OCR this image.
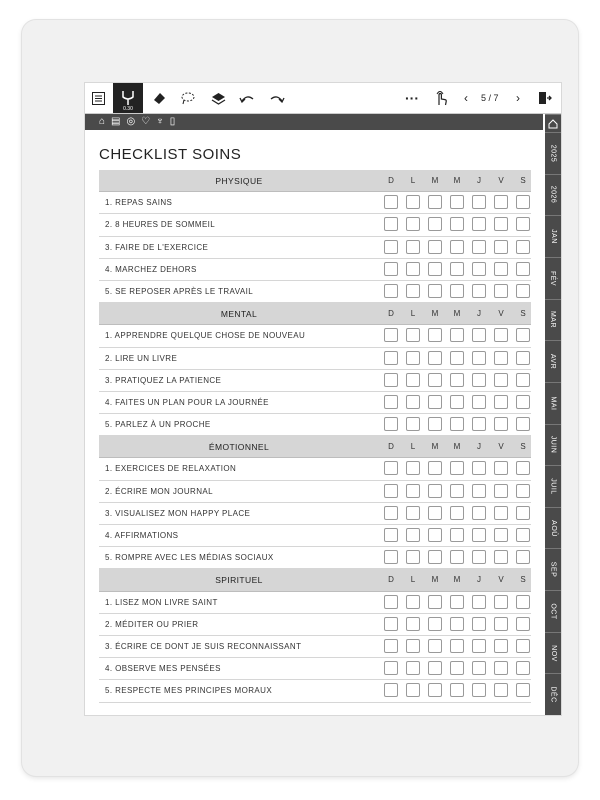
0.30
···	‹	5 / 7	›
⌂ ▤ ◎ ♡ ♆ ▯
2025
2026
JAN
FÉV
MAR
AVR
MAI
JUIN
JUIL
AOÛ
SEP
OCT
NOV
DÉC
CHECKLIST SOINS
PHYSIQUE	D	L	M	M	J	V	S
1. REPAS SAINS
2. 8 HEURES DE SOMMEIL
3. FAIRE DE L'EXERCICE
4. MARCHEZ DEHORS
5. SE REPOSER APRÈS LE TRAVAIL
MENTAL	D	L	M	M	J	V	S
1. APPRENDRE QUELQUE CHOSE DE NOUVEAU
2. LIRE UN LIVRE
3. PRATIQUEZ LA PATIENCE
4. FAITES UN PLAN POUR LA JOURNÉE
5. PARLEZ À UN PROCHE
ÉMOTIONNEL	D	L	M	M	J	V	S
1. EXERCICES DE RELAXATION
2. ÉCRIRE MON JOURNAL
3. VISUALISEZ MON HAPPY PLACE
4. AFFIRMATIONS
5. ROMPRE AVEC LES MÉDIAS SOCIAUX
SPIRITUEL	D	L	M	M	J	V	S
1. LISEZ MON LIVRE SAINT
2. MÉDITER OU PRIER
3. ÉCRIRE CE DONT JE SUIS RECONNAISSANT
4. OBSERVE MES PENSÉES
5. RESPECTE MES PRINCIPES MORAUX
